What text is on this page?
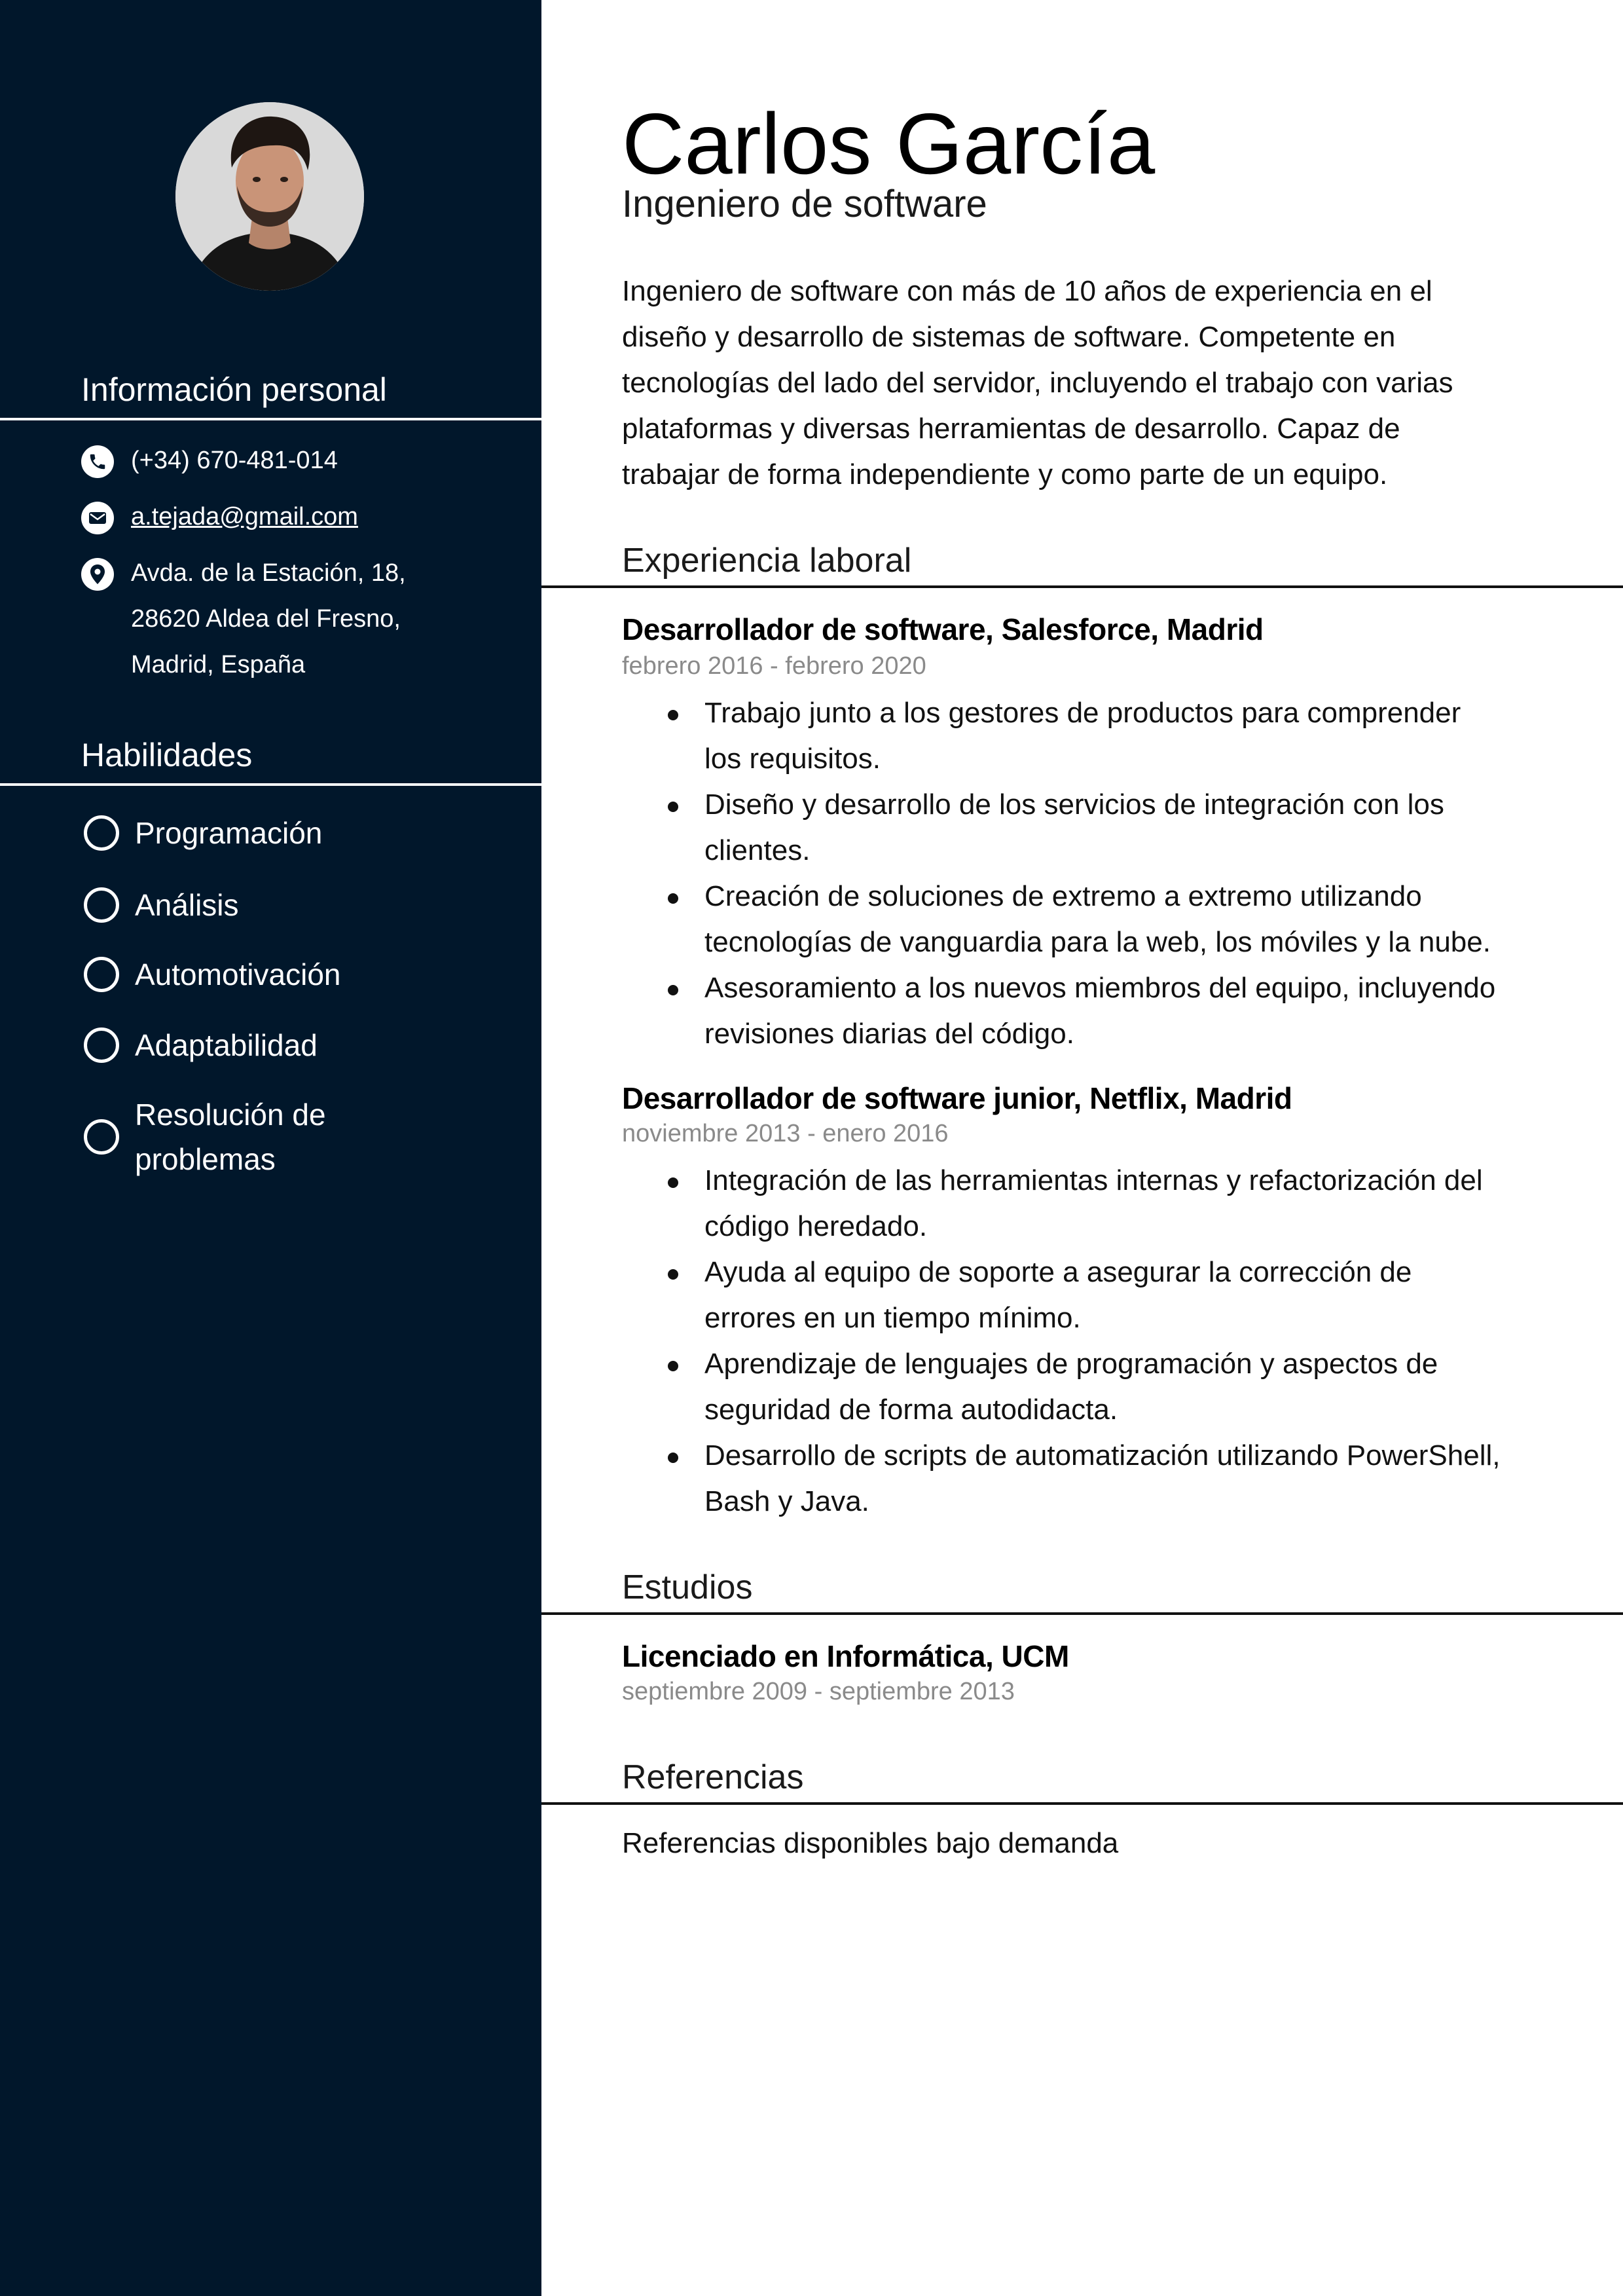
Información personal
(+34) 670-481-014
a.tejada@gmail.com
Avda. de la Estación, 18,
28620 Aldea del Fresno,
Madrid, España
Habilidades
Programación
Análisis
Automotivación
Adaptabilidad
Resolución de
problemas
Carlos García
Ingeniero de software
Ingeniero de software con más de 10 años de experiencia en el
diseño y desarrollo de sistemas de software. Competente en
tecnologías del lado del servidor, incluyendo el trabajo con varias
plataformas y diversas herramientas de desarrollo. Capaz de
trabajar de forma independiente y como parte de un equipo.
Experiencia laboral
Desarrollador de software, Salesforce, Madrid
febrero 2016 - febrero 2020
Trabajo junto a los gestores de productos para comprender
los requisitos.
Diseño y desarrollo de los servicios de integración con los
clientes.
Creación de soluciones de extremo a extremo utilizando
tecnologías de vanguardia para la web, los móviles y la nube.
Asesoramiento a los nuevos miembros del equipo, incluyendo
revisiones diarias del código.
Desarrollador de software junior, Netflix, Madrid
noviembre 2013 - enero 2016
Integración de las herramientas internas y refactorización del
código heredado.
Ayuda al equipo de soporte a asegurar la corrección de
errores en un tiempo mínimo.
Aprendizaje de lenguajes de programación y aspectos de
seguridad de forma autodidacta.
Desarrollo de scripts de automatización utilizando PowerShell,
Bash y Java.
Estudios
Licenciado en Informática, UCM
septiembre 2009 - septiembre 2013
Referencias
Referencias disponibles bajo demanda
